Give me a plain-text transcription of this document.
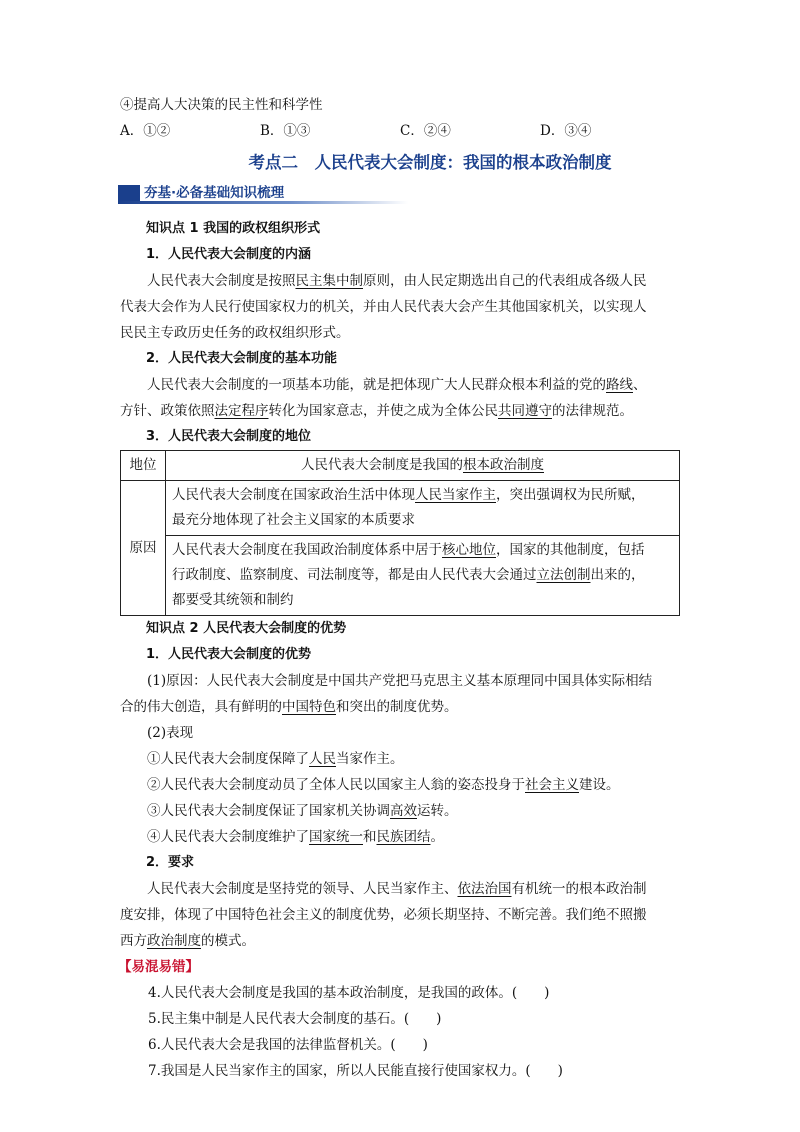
④提高人大决策的民主性和科学性

A．①②	B．①③	C．②④	D．③④
考点二　人民代表大会制度：我国的根本政治制度
夯基·必备基础知识梳理

知识点 1 我国的政权组织形式

1．人民代表大会制度的内涵

人民代表大会制度是按照民主集中制原则，由人民定期选出自己的代表组成各级人民

代表大会作为人民行使国家权力的机关，并由人民代表大会产生其他国家机关，以实现人

民民主专政历史任务的政权组织形式。

2．人民代表大会制度的基本功能

人民代表大会制度的一项基本功能，就是把体现广大人民群众根本利益的党的路线、

方针、政策依照法定程序转化为国家意志，并使之成为全体公民共同遵守的法律规范。

3．人民代表大会制度的地位

地位	人民代表大会制度是我国的根本政治制度
原因	人民代表大会制度在国家政治生活中体现人民当家作主，突出强调权为民所赋，
最充分地体现了社会主义国家的本质要求

	人民代表大会制度在我国政治制度体系中居于核心地位，国家的其他制度，包括
行政制度、监察制度、司法制度等，都是由人民代表大会通过立法创制出来的，
都要受其统领和制约

知识点 2 人民代表大会制度的优势

1．人民代表大会制度的优势

(1)原因：人民代表大会制度是中国共产党把马克思主义基本原理同中国具体实际相结

合的伟大创造，具有鲜明的中国特色和突出的制度优势。

(2)表现

①人民代表大会制度保障了人民当家作主。

②人民代表大会制度动员了全体人民以国家主人翁的姿态投身于社会主义建设。

③人民代表大会制度保证了国家机关协调高效运转。

④人民代表大会制度维护了国家统一和民族团结。

2．要求

人民代表大会制度是坚持党的领导、人民当家作主、依法治国有机统一的根本政治制

度安排，体现了中国特色社会主义的制度优势，必须长期坚持、不断完善。我们绝不照搬

西方政治制度的模式。

【易混易错】

4.人民代表大会制度是我国的基本政治制度，是我国的政体。(　　)

5.民主集中制是人民代表大会制度的基石。(　　)

6.人民代表大会是我国的法律监督机关。(　　)

7.我国是人民当家作主的国家，所以人民能直接行使国家权力。(　　)
